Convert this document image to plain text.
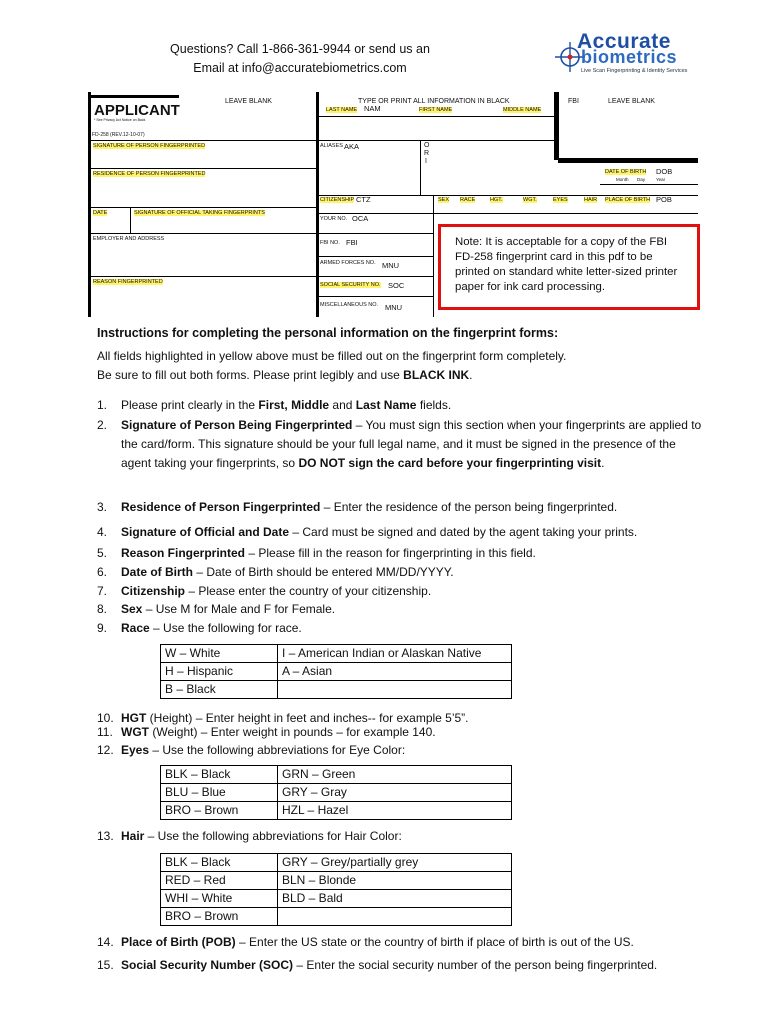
Questions? Call 1-866-361-9944 or send us an
Email at info@accuratebiometrics.com
Accurate
biometrics
Live Scan Fingerprinting & Identity Services
APPLICANT
* See Privacy Act Notice on Back
FD-258 (REV.12-10-07)
LEAVE BLANK	TYPE OR PRINT ALL INFORMATION IN BLACK	FBI	LEAVE BLANK
LAST NAME NAM	FIRST NAME	MIDDLE NAME
SIGNATURE OF PERSON FINGERPRINTED	ALIASES AKA	O
R
I
RESIDENCE OF PERSON FINGERPRINTED	DATE OF BIRTH DOB
Month Day Year
CITIZENSHIP CTZ	SEX RACE	HGT.	WGT.	EYES	HAIR PLACE OF BIRTH POB
DATE	SIGNATURE OF OFFICIAL TAKING FINGERPRINTS
YOUR NO. OCA
EMPLOYER AND ADDRESS
FBI NO. FBI
ARMED FORCES NO. MNU
REASON FINGERPRINTED	SOCIAL SECURITY NO. SOC
MISCELLANEOUS NO. MNU
Note: It is acceptable for a copy of the FBI FD-258 fingerprint card in this pdf to be printed on standard white letter-sized printer paper for ink card processing.
Instructions for completing the personal information on the fingerprint forms:
All fields highlighted in yellow above must be filled out on the fingerprint form completely.
Be sure to fill out both forms. Please print legibly and use BLACK INK.
1. Please print clearly in the First, Middle and Last Name fields.
2. Signature of Person Being Fingerprinted – You must sign this section when your fingerprints are applied to the card/form. This signature should be your full legal name, and it must be signed in the presence of the agent taking your fingerprints, so DO NOT sign the card before your fingerprinting visit.
3. Residence of Person Fingerprinted – Enter the residence of the person being fingerprinted.
4. Signature of Official and Date – Card must be signed and dated by the agent taking your prints.
5. Reason Fingerprinted – Please fill in the reason for fingerprinting in this field.
6. Date of Birth – Date of Birth should be entered MM/DD/YYYY.
7. Citizenship – Please enter the country of your citizenship.
8. Sex – Use M for Male and F for Female.
9. Race – Use the following for race.
10. HGT (Height) – Enter height in feet and inches-- for example 5’5”.
11. WGT (Weight) – Enter weight in pounds – for example 140.
12. Eyes – Use the following abbreviations for Eye Color:
13. Hair – Use the following abbreviations for Hair Color:
14. Place of Birth (POB) – Enter the US state or the country of birth if place of birth is out of the US.
15. Social Security Number (SOC) – Enter the social security number of the person being fingerprinted.
W – White	I – American Indian or Alaskan Native
H – Hispanic	A – Asian
B – Black	
BLK – Black	GRN – Green
BLU – Blue	GRY – Gray
BRO – Brown	HZL – Hazel
BLK – Black	GRY – Grey/partially grey
RED – Red	BLN – Blonde
WHI – White	BLD – Bald
BRO – Brown	
